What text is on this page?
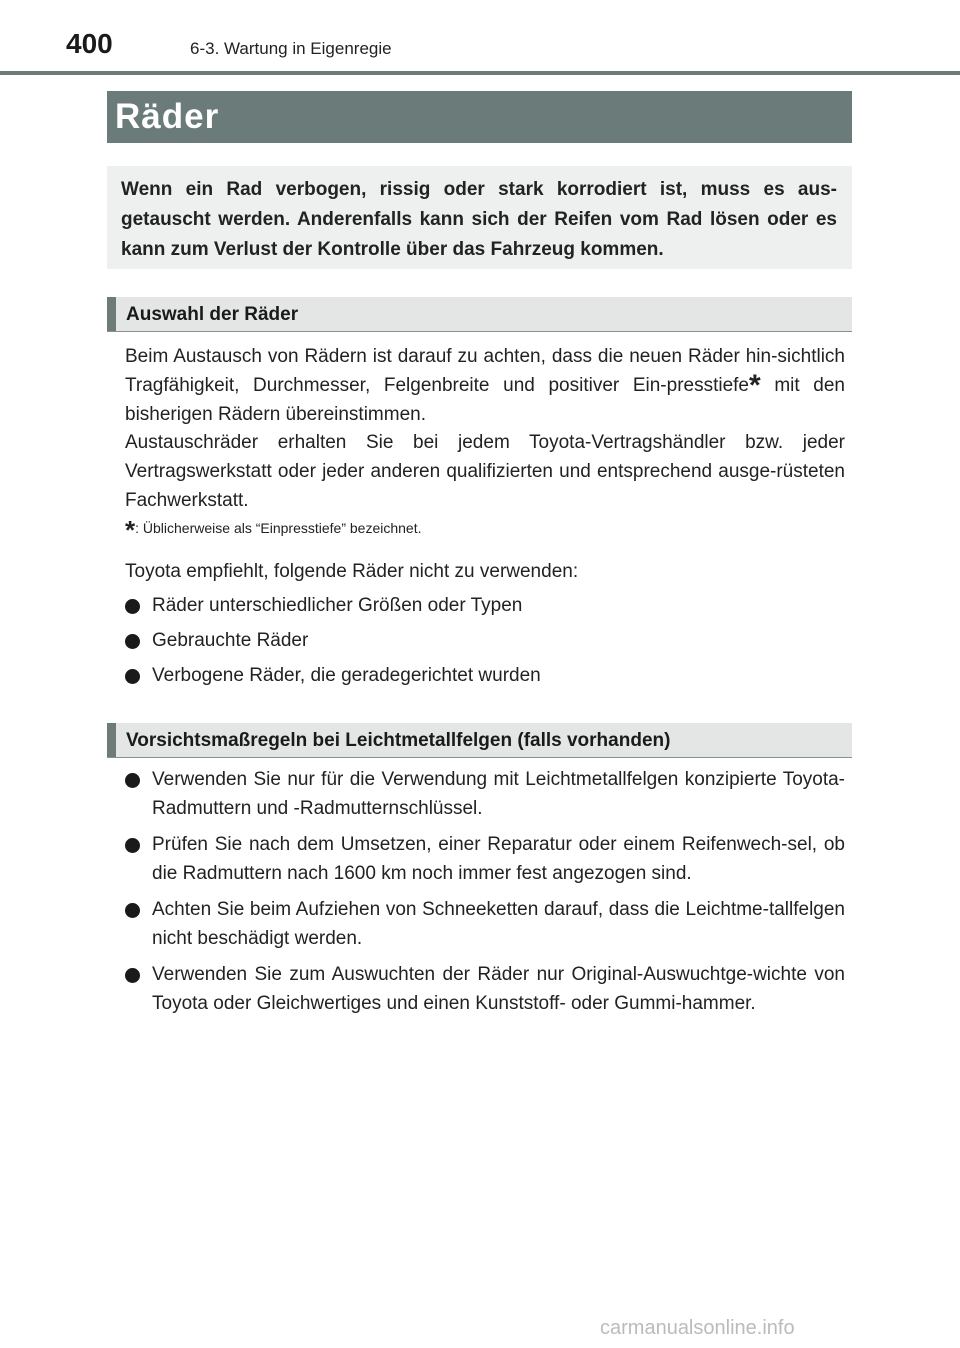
400	6-3. Wartung in Eigenregie
Räder
Wenn ein Rad verbogen, rissig oder stark korrodiert ist, muss es aus-getauscht werden. Anderenfalls kann sich der Reifen vom Rad lösen oder es kann zum Verlust der Kontrolle über das Fahrzeug kommen.
Auswahl der Räder
Beim Austausch von Rädern ist darauf zu achten, dass die neuen Räder hin-sichtlich Tragfähigkeit, Durchmesser, Felgenbreite und positiver Ein-presstiefe* mit den bisherigen Rädern übereinstimmen.
Austauschräder erhalten Sie bei jedem Toyota-Vertragshändler bzw. jeder Vertragswerkstatt oder jeder anderen qualifizierten und entsprechend ausge-rüsteten Fachwerkstatt.
*: Üblicherweise als “Einpresstiefe” bezeichnet.
Toyota empfiehlt, folgende Räder nicht zu verwenden:
Räder unterschiedlicher Größen oder Typen
Gebrauchte Räder
Verbogene Räder, die geradegerichtet wurden
Vorsichtsmaßregeln bei Leichtmetallfelgen (falls vorhanden)
Verwenden Sie nur für die Verwendung mit Leichtmetallfelgen konzipierte Toyota-Radmuttern und -Radmutternschlüssel.
Prüfen Sie nach dem Umsetzen, einer Reparatur oder einem Reifenwech-sel, ob die Radmuttern nach 1600 km noch immer fest angezogen sind.
Achten Sie beim Aufziehen von Schneeketten darauf, dass die Leichtme-tallfelgen nicht beschädigt werden.
Verwenden Sie zum Auswuchten der Räder nur Original-Auswuchtge-wichte von Toyota oder Gleichwertiges und einen Kunststoff- oder Gummi-hammer.
carmanualsonline.info
